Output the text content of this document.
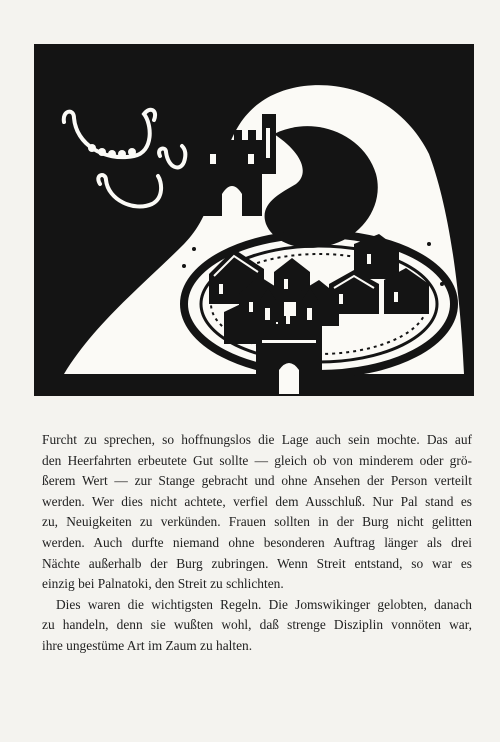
Furcht zu sprechen, so hoffnungslos die Lage auch sein mochte. Das auf
den Heerfahrten erbeutete Gut sollte — gleich ob von minderem oder grö-
ßerem Wert — zur Stange gebracht und ohne Ansehen der Person verteilt
werden. Wer dies nicht achtete, verfiel dem Ausschluß. Nur Pal stand es
zu, Neuigkeiten zu verkünden. Frauen sollten in der Burg nicht gelitten
werden. Auch durfte niemand ohne besonderen Auftrag länger als drei
Nächte außerhalb der Burg zubringen. Wenn Streit entstand, so war es
einzig bei Palnatoki, den Streit zu schlichten.

Dies waren die wichtigsten Regeln. Die Jomswikinger gelobten, danach
zu handeln, denn sie wußten wohl, daß strenge Disziplin vonnöten war,
ihre ungestüme Art im Zaum zu halten.
